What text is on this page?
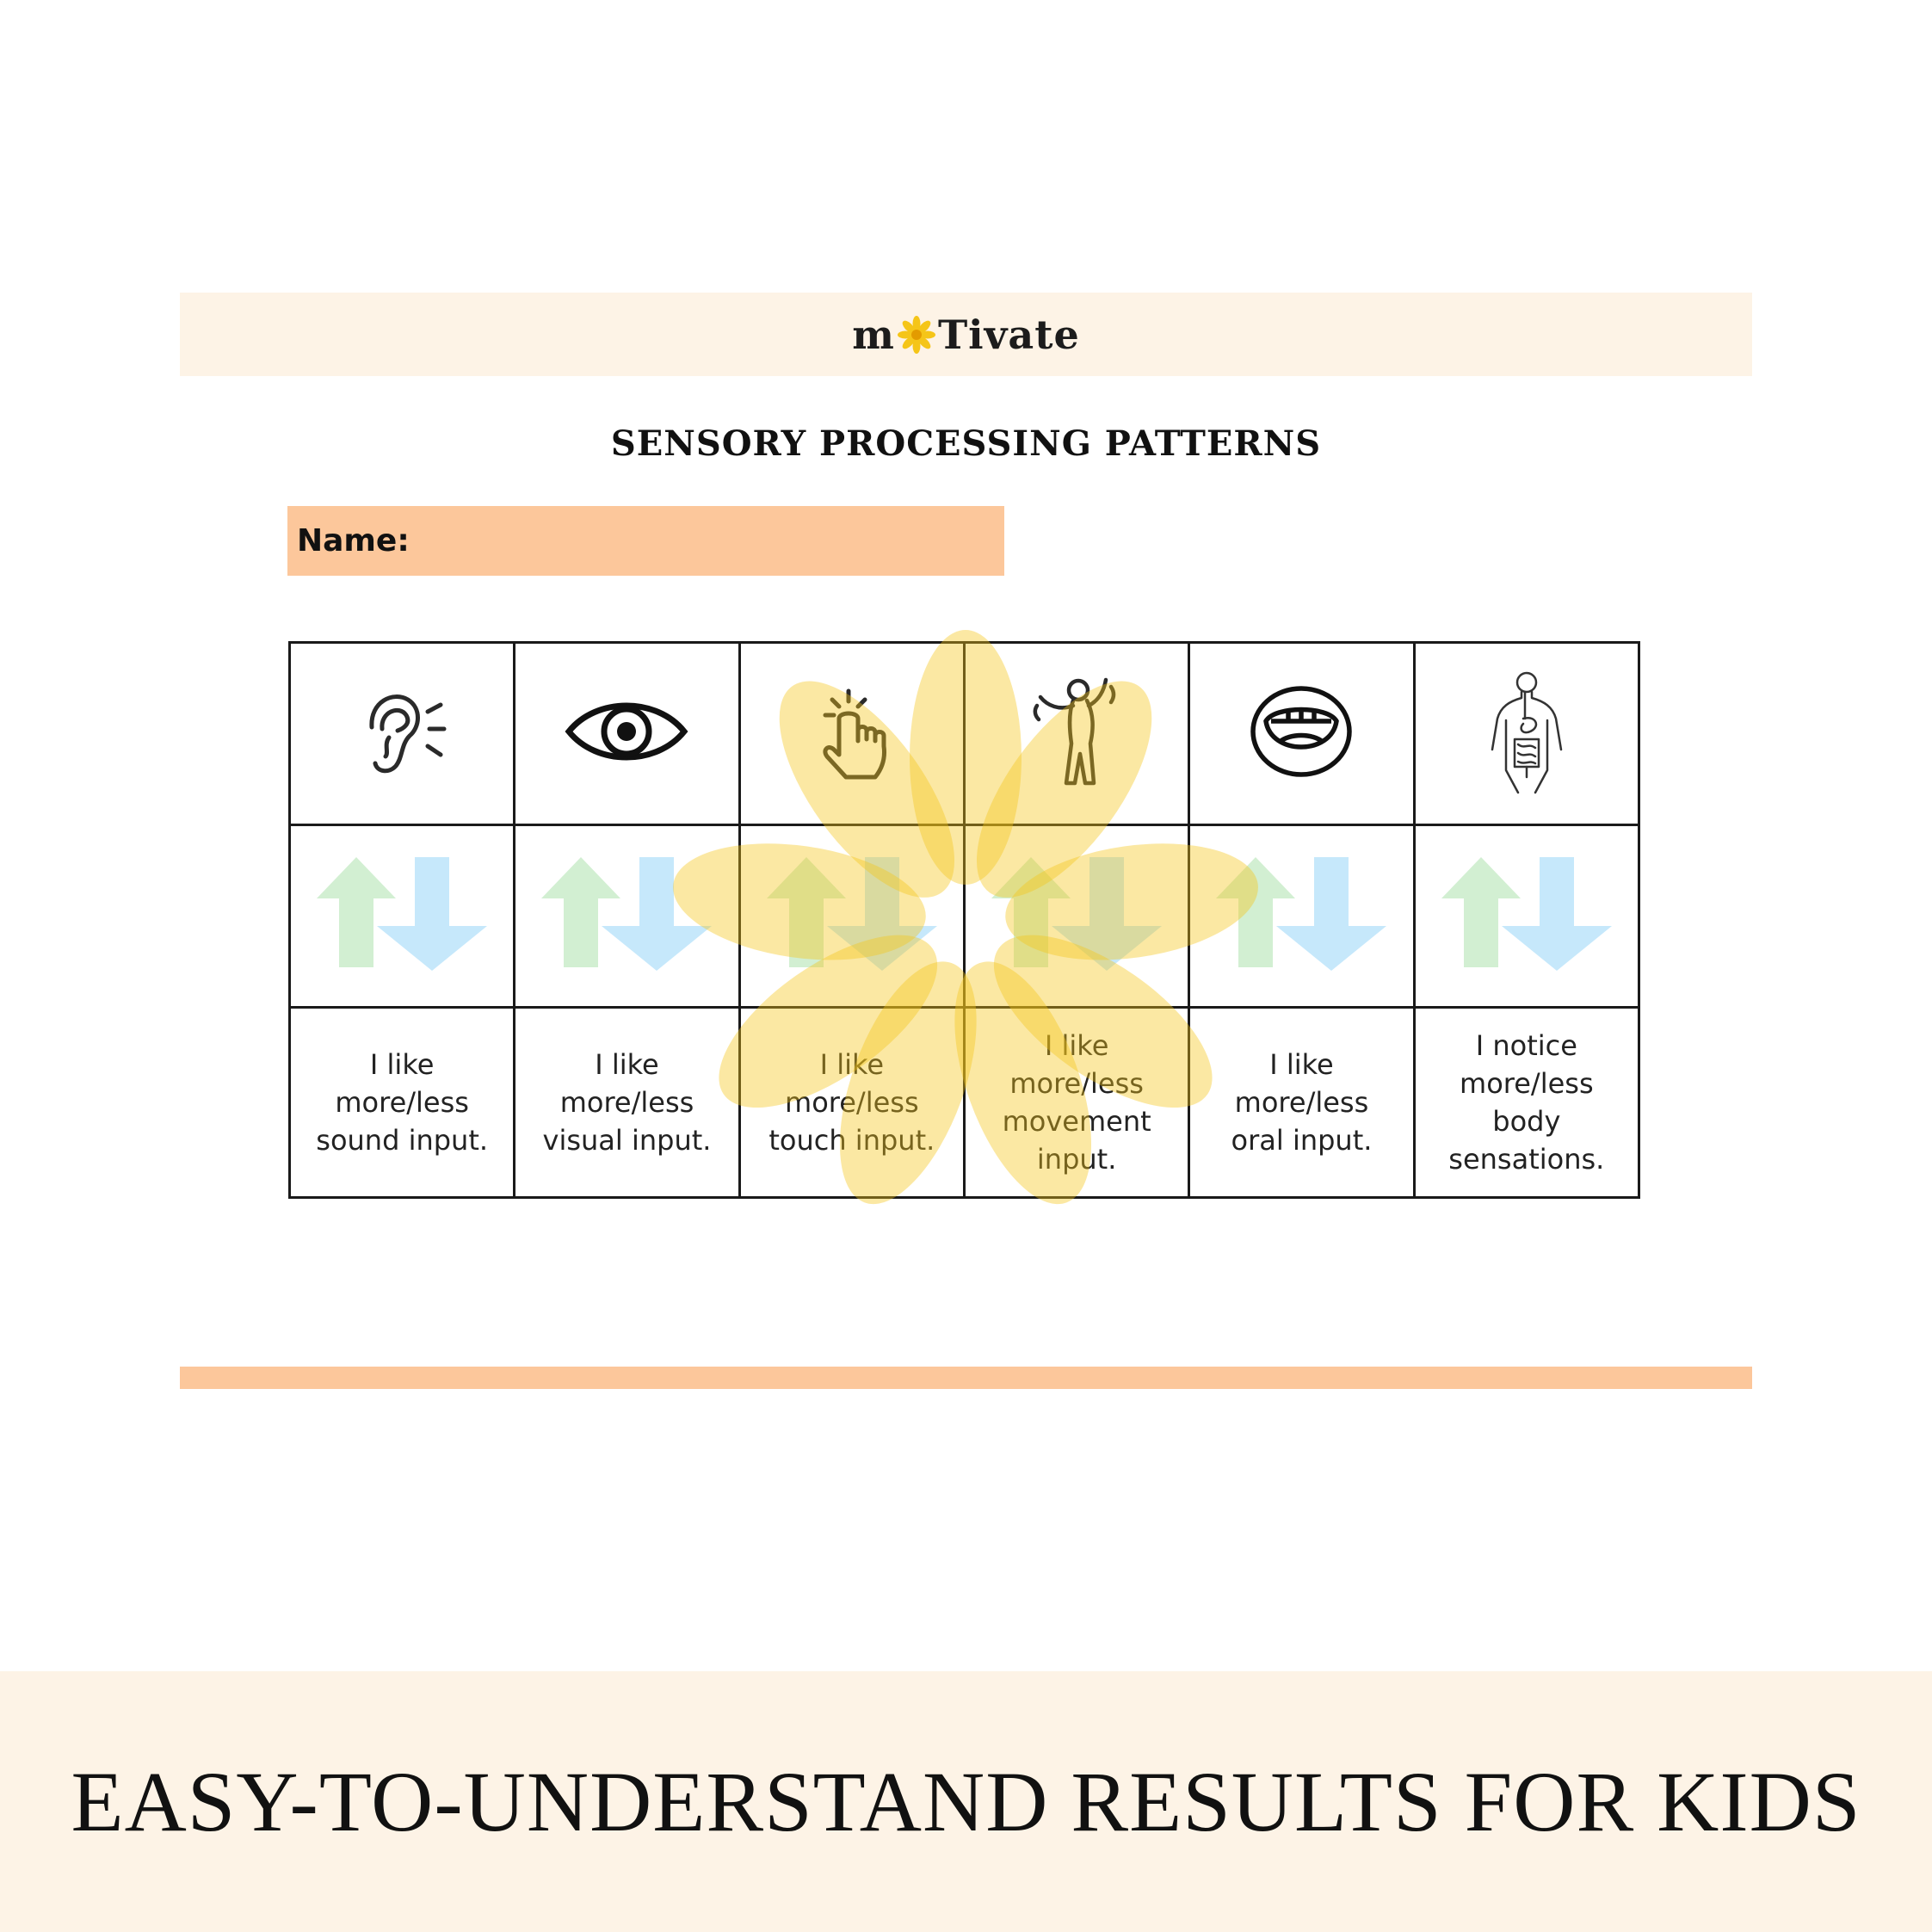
m Tivate
SENSORY PROCESSING PATTERNS
Name:

I like
more/less
sound input.	I like
more/less
visual input.	I like
more/less
touch input.	I like
more/less
movement
input.	I like
more/less
oral input.	I notice
more/less
body
sensations.
EASY-TO-UNDERSTAND RESULTS FOR KIDS
